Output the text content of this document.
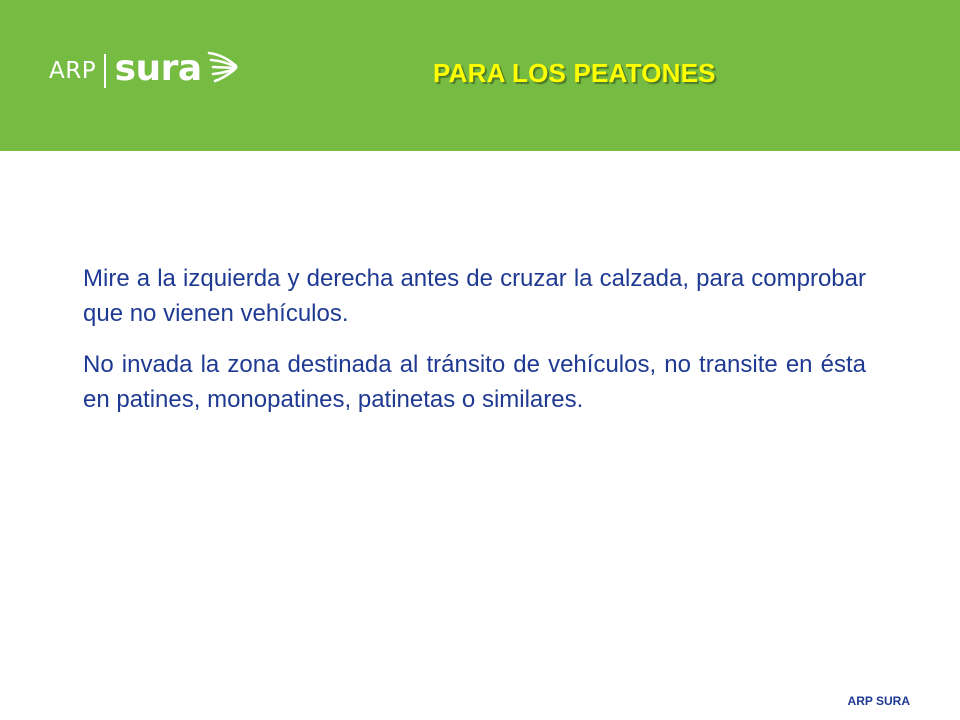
ARP sura	PARA LOS PEATONES

Mire a la izquierda y derecha antes de cruzar la calzada, para comprobar que no vienen vehículos.

No invada la zona destinada al tránsito de vehículos, no transite en ésta en patines, monopatines, patinetas o similares.

ARP SURA
